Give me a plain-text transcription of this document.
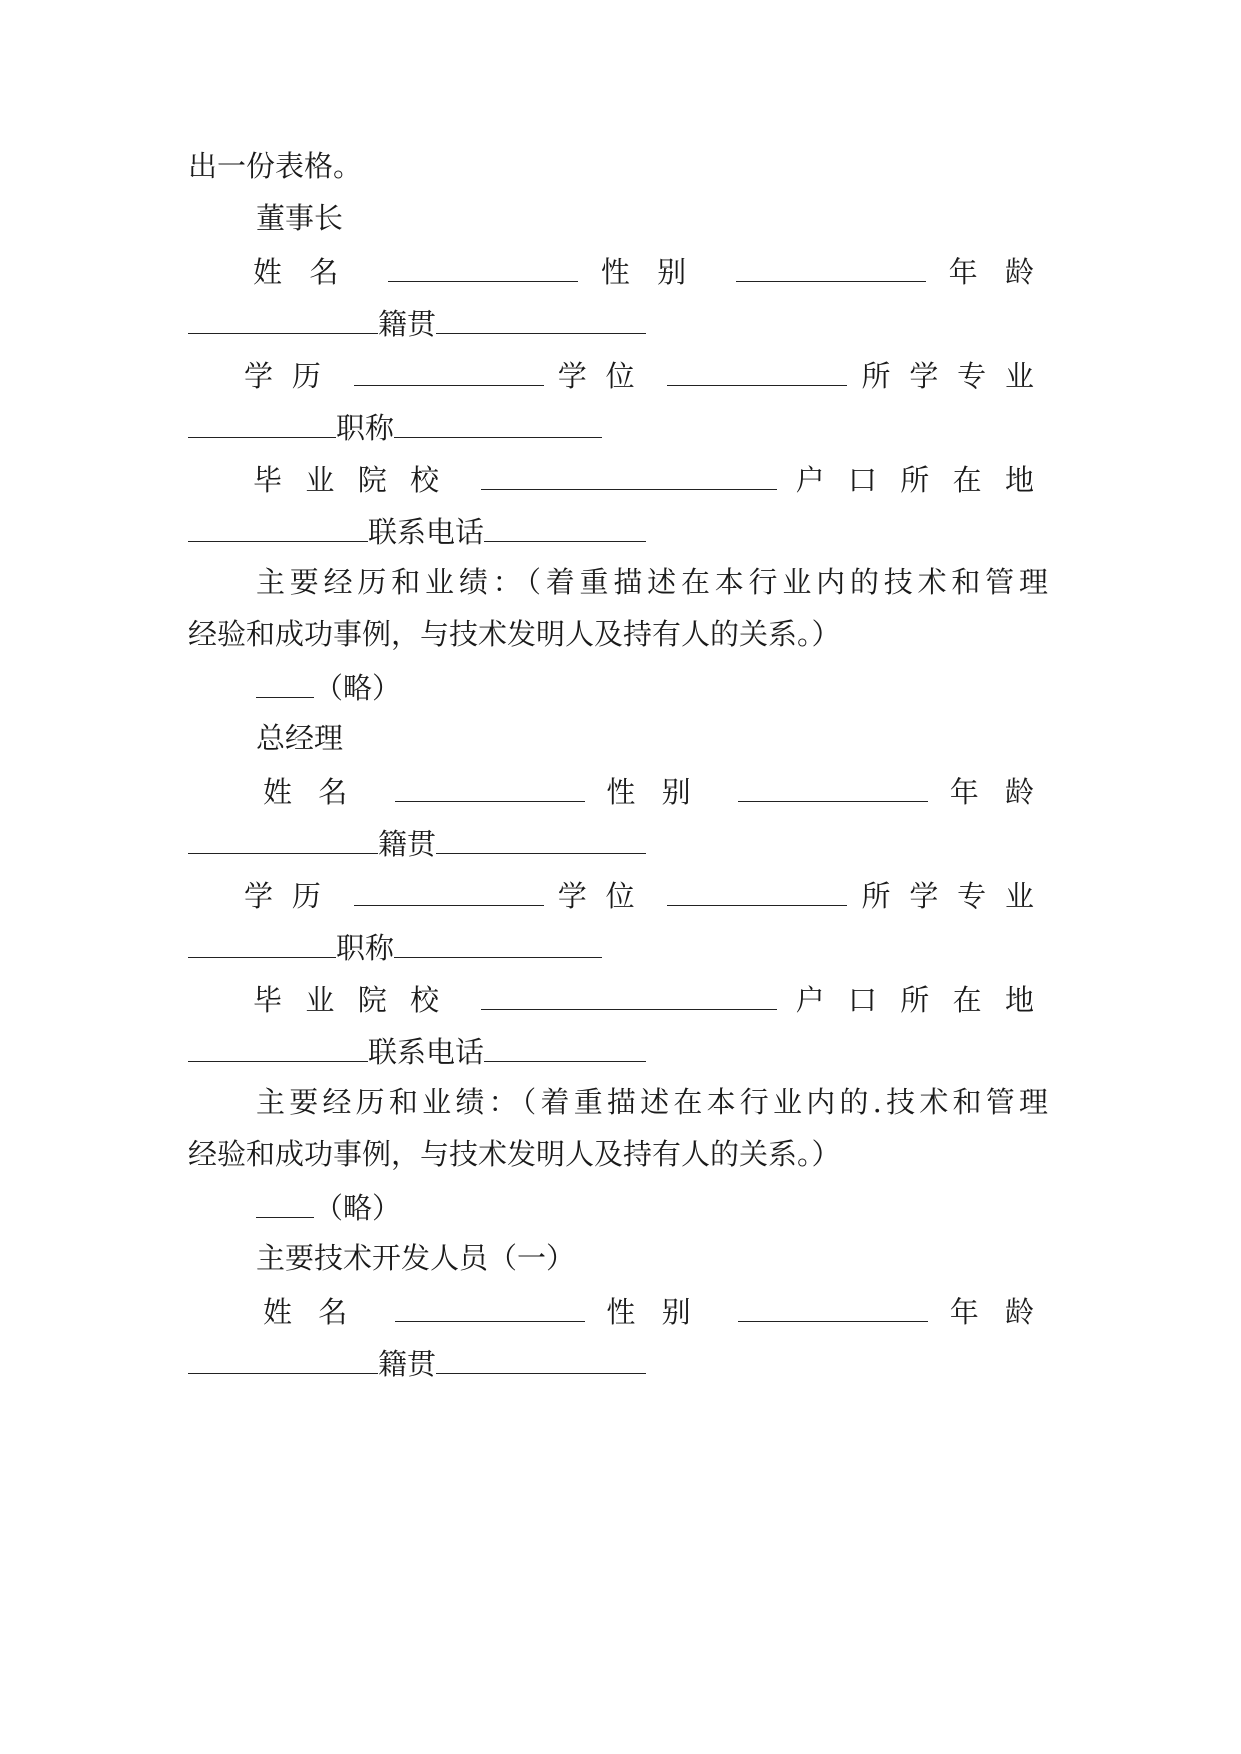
出一份表格。
董事长
姓名	性别	年龄
籍贯
学历	学位	所学专业
职称
毕业院校	户口所在地
联系电话
主要经历和业绩：（着重描述在本行业内的技术和管理
经验和成功事例，与技术发明人及持有人的关系。）
（略）
总经理
姓名	性别	年龄
籍贯
学历	学位	所学专业
职称
毕业院校	户口所在地
联系电话
主要经历和业绩：（着重描述在本行业内的.技术和管理
经验和成功事例，与技术发明人及持有人的关系。）
（略）
主要技术开发人员（一）
姓名	性别	年龄
籍贯
